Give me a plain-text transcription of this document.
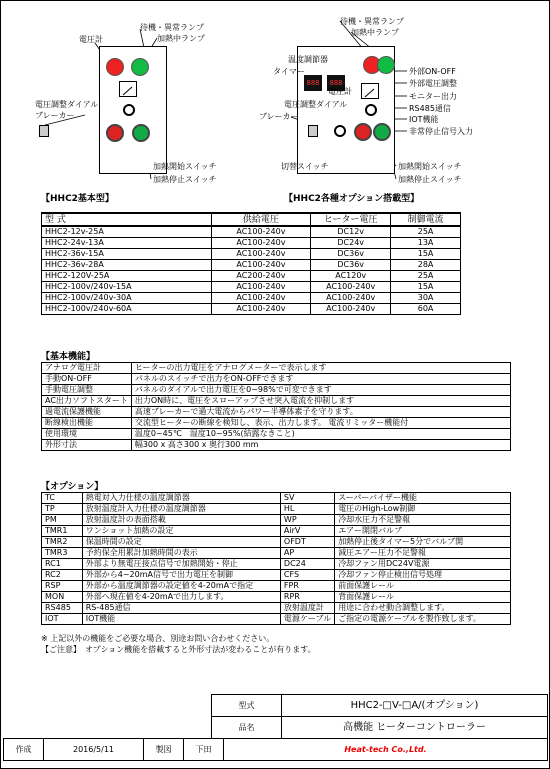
電圧計
待機・異常ランプ
加熱中ランプ
電圧調整ダイアル
ブレーカー
加熱開始スイッチ
加熱停止スイッチ
888	888
待機・異常ランプ
加熱中ランプ
温度調節器
タイマー
電圧計
電圧調整ダイアル
ブレーカー
切替スイッチ	加熱開始スイッチ
加熱停止スイッチ
外部ON-OFF
外部電圧調整
モニター出力
RS485通信
IOT機能
非常停止信号入力
【HHC2基本型】	【HHC2各種オプション搭載型】
型 式	供給電圧	ヒーター電圧	制御電流
HHC2-12v-25A	AC100-240v	DC12v	25A
HHC2-24v-13A	AC100-240v	DC24v	13A
HHC2-36v-15A	AC100-240v	DC36v	15A
HHC2-36v-28A	AC100-240v	DC36v	28A
HHC2-120V-25A	AC200-240v	AC120v	25A
HHC2-100v/240v-15A	AC100-240v	AC100-240v	15A
HHC2-100v/240v-30A	AC100-240v	AC100-240v	30A
HHC2-100v/240v-60A	AC100-240v	AC100-240v	60A
【基本機能】
アナログ電圧計	ヒーターの出力電圧をアナログメーターで表示します
手動ON-OFF	パネルのスイッチで出力をON-OFFできます
手動電圧調整	パネルのダイアルで出力電圧を0~98%で可変できます
AC出力ソフトスタート	出力ON時に、電圧をスローアップさせ突入電流を抑制します
過電流保護機能	高速ブレーカーで過大電流からパワー半導体素子を守ります。
断線検出機能	交流型ヒーターの断線を検知し、表示、出力します。 電流リミッター機能付
使用環境	温度0~45℃　湿度10~95%(結露なきこと)
外形寸法	幅300 x 高さ300 x 奥行300 mm
【オプション】
TC	熱電対入力仕様の温度調節器	SV	スーパーバイザー機能
TP	放射温度計入力仕様の温度調節器	HL	電圧のHigh-Low制御
PM	放射温度計の表面搭載	WP	冷却水圧力不足警報
TMR1	ワンショット加熱の設定	AirV	エアー開閉バルブ
TMR2	保温時間の設定	OFDT	加熱停止後タイマー5分でバルブ開
TMR3	予約保全用累計加熱時間の表示	AP	減圧エアー圧力不足警報
RC1	外部より無電圧接点信号で加熱開始・停止	DC24	冷却ファン用DC24V電源
RC2	外部から4~20mA信号で出力電圧を制御	CFS	冷却ファン停止検出信号処理
RSP	外部から温度調節器の設定値を4-20mAで指定	FPR	前面保護レール
MON	外部へ現在値を4-20mAで出力します。	RPR	背面保護レール
RS485	RS-485通信	放射温度計	用途に合わせ動合調整します。
IOT	IOT機能	電源ケーブル	ご指定の電源ケーブルを製作致します。
※ 上記以外の機能をご必要な場合、別途お問い合わせください。
【ご注意】　オプション機能を搭載すると外形寸法が変わることが有ります。
型式	HHC2-□V-□A/(オプション)
品名	高機能 ヒーターコントローラー
作成	2016/5/11	製図	下田	Heat-tech Co.,Ltd.
